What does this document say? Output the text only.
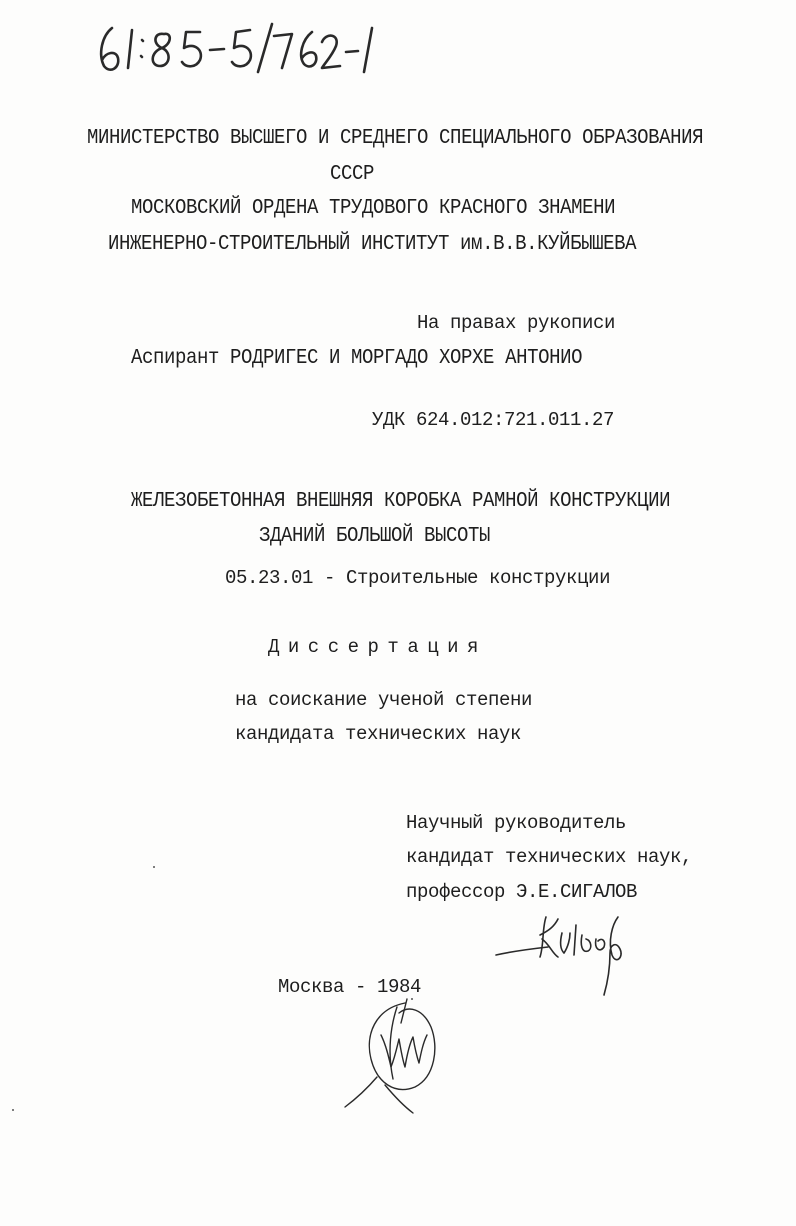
МИНИСТЕРСТВО ВЫСШЕГО И СРЕДНЕГО СПЕЦИАЛЬНОГО ОБРАЗОВАНИЯ
СССР
МОСКОВСКИЙ ОРДЕНА ТРУДОВОГО КРАСНОГО ЗНАМЕНИ
ИНЖЕНЕРНО-СТРОИТЕЛЬНЫЙ ИНСТИТУТ им.В.В.КУЙБЫШЕВА
На правах рукописи
Аспирант РОДРИГЕС И МОРГАДО ХОРХЕ АНТОНИО
УДК 624.012:721.011.27
ЖЕЛЕЗОБЕТОННАЯ ВНЕШНЯЯ КОРОБКА РАМНОЙ КОНСТРУКЦИИ
ЗДАНИЙ БОЛЬШОЙ ВЫСОТЫ
05.23.01 - Строительные конструкции
Диссертация
на соискание ученой степени
кандидата технических наук
Научный руководитель
кандидат технических наук,
профессор Э.Е.СИГАЛОВ
Москва - 1984
